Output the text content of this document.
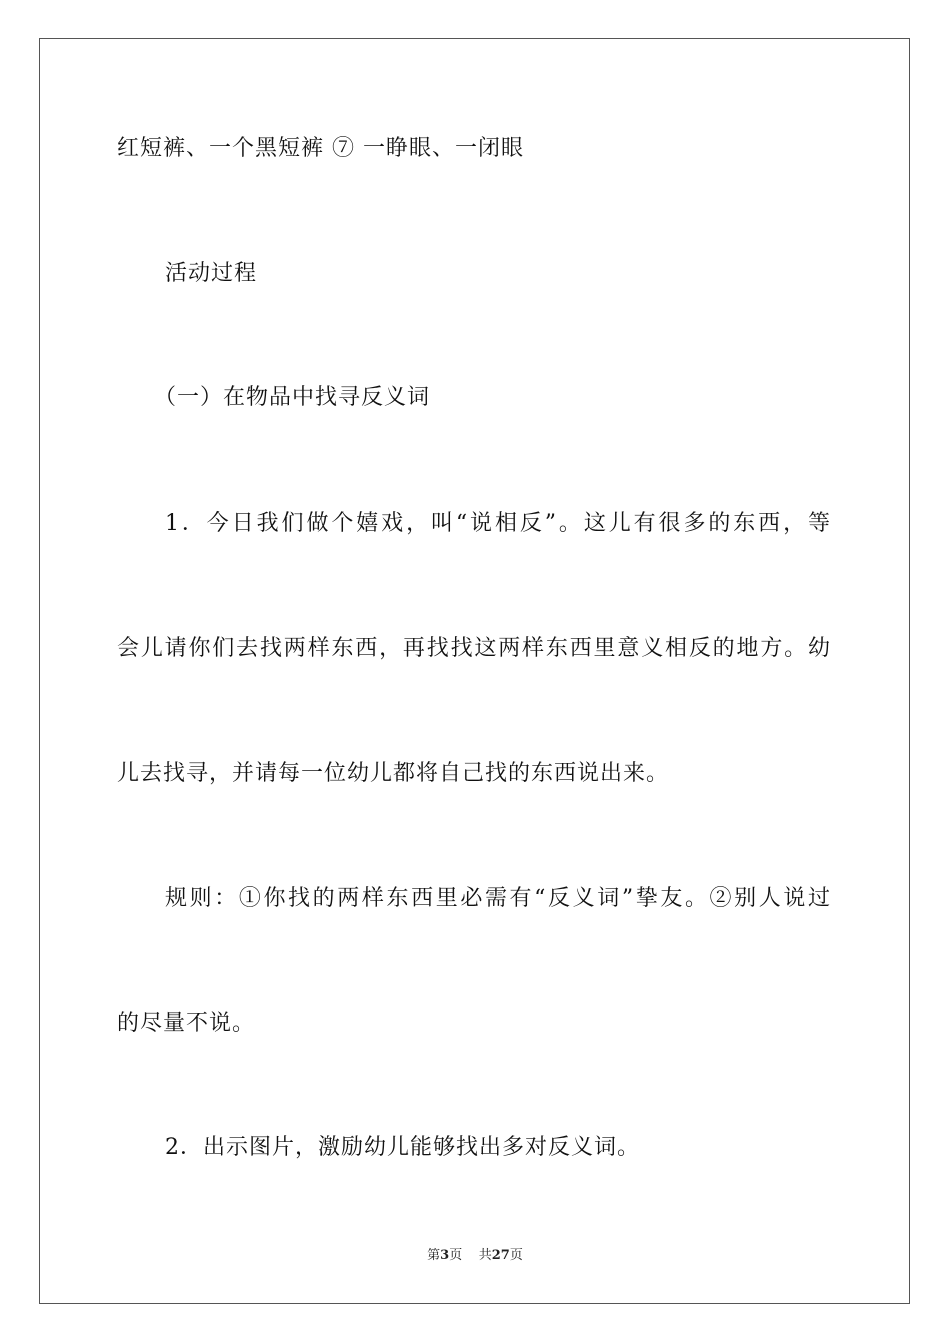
红短裤、一个黑短裤 ⑦ 一睁眼、一闭眼
活动过程
（一）在物品中找寻反义词
1．今日我们做个嬉戏，叫“说相反”。这儿有很多的东西，等
会儿请你们去找两样东西，再找找这两样东西里意义相反的地方。幼
儿去找寻，并请每一位幼儿都将自己找的东西说出来。
规则：①你找的两样东西里必需有“反义词”挚友。②别人说过
的尽量不说。
2．出示图片，激励幼儿能够找出多对反义词。
第3页 共27页
